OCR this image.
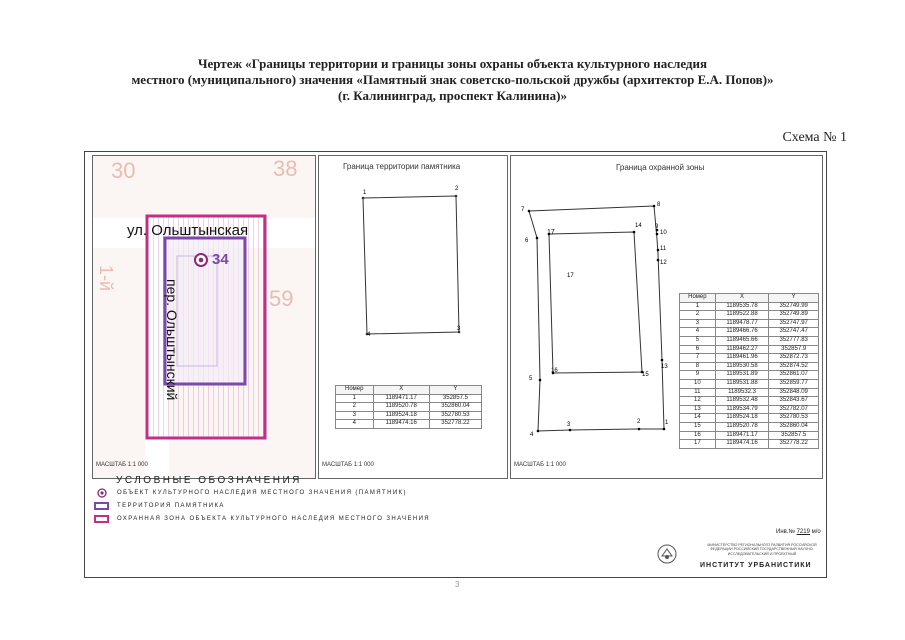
Чертеж «Границы территории и границы зоны охраны объекта культурного наследия
местного (муниципального) значения «Памятный знак советско-польской дружбы (архитектор Е.А. Попов)»
(г. Калининград, проспект Калинина)»
Схема № 1
30	38
59
1-й
34
ул. Ольштынская
пер. Ольштынский
МАСШТАБ 1:1 000
Граница территории памятника
1
2
3
4
Номер	X	Y
1	1189471.17	352857.5
2	1189520.78	352860.04
3	1189524.18	352780.53
4	1189474.16	352778.22
МАСШТАБ 1:1 000
Граница охранной зоны
1
2
3
4
5
6
7
8
9
10
11
12
13
14
15
16
17
17
Номер	X	Y
1	1189535.78	352749.99
2	1189522.88	352749.89
3	1189478.77	352747.97
4	1189466.76	352747.47
5	1189465.66	352777.83
6	1189462.27	352857.9
7	1189461.96	352872.73
8	1189530.58	352874.52
9	1189531.89	352861.07
10	1189531.88	352859.77
11	1189532.3	352848.09
12	1189532.48	352843.67
13	1189534.79	352782.07
14	1189524.18	352780.53
15	1189520.78	352860.04
16	1189471.17	352857.5
17	1189474.16	352778.22
МАСШТАБ 1:1 000
УСЛОВНЫЕ ОБОЗНАЧЕНИЯ
ОБЪЕКТ КУЛЬТУРНОГО НАСЛЕДИЯ МЕСТНОГО ЗНАЧЕНИЯ (ПАМЯТНИК)
ТЕРРИТОРИЯ ПАМЯТНИКА
ОХРАННАЯ ЗОНА ОБЪЕКТА КУЛЬТУРНОГО НАСЛЕДИЯ МЕСТНОГО ЗНАЧЕНИЯ
Инв.№ 7219 м/о
МИНИСТЕРСТВО РЕГИОНАЛЬНОГО РАЗВИТИЯ РОССИЙСКОЙ ФЕДЕРАЦИИ РОССИЙСКИЙ ГОСУДАРСТВЕННЫЙ НАУЧНО-ИССЛЕДОВАТЕЛЬСКИЙ И ПРОЕКТНЫЙ
ИНСТИТУТ УРБАНИСТИКИ
3
